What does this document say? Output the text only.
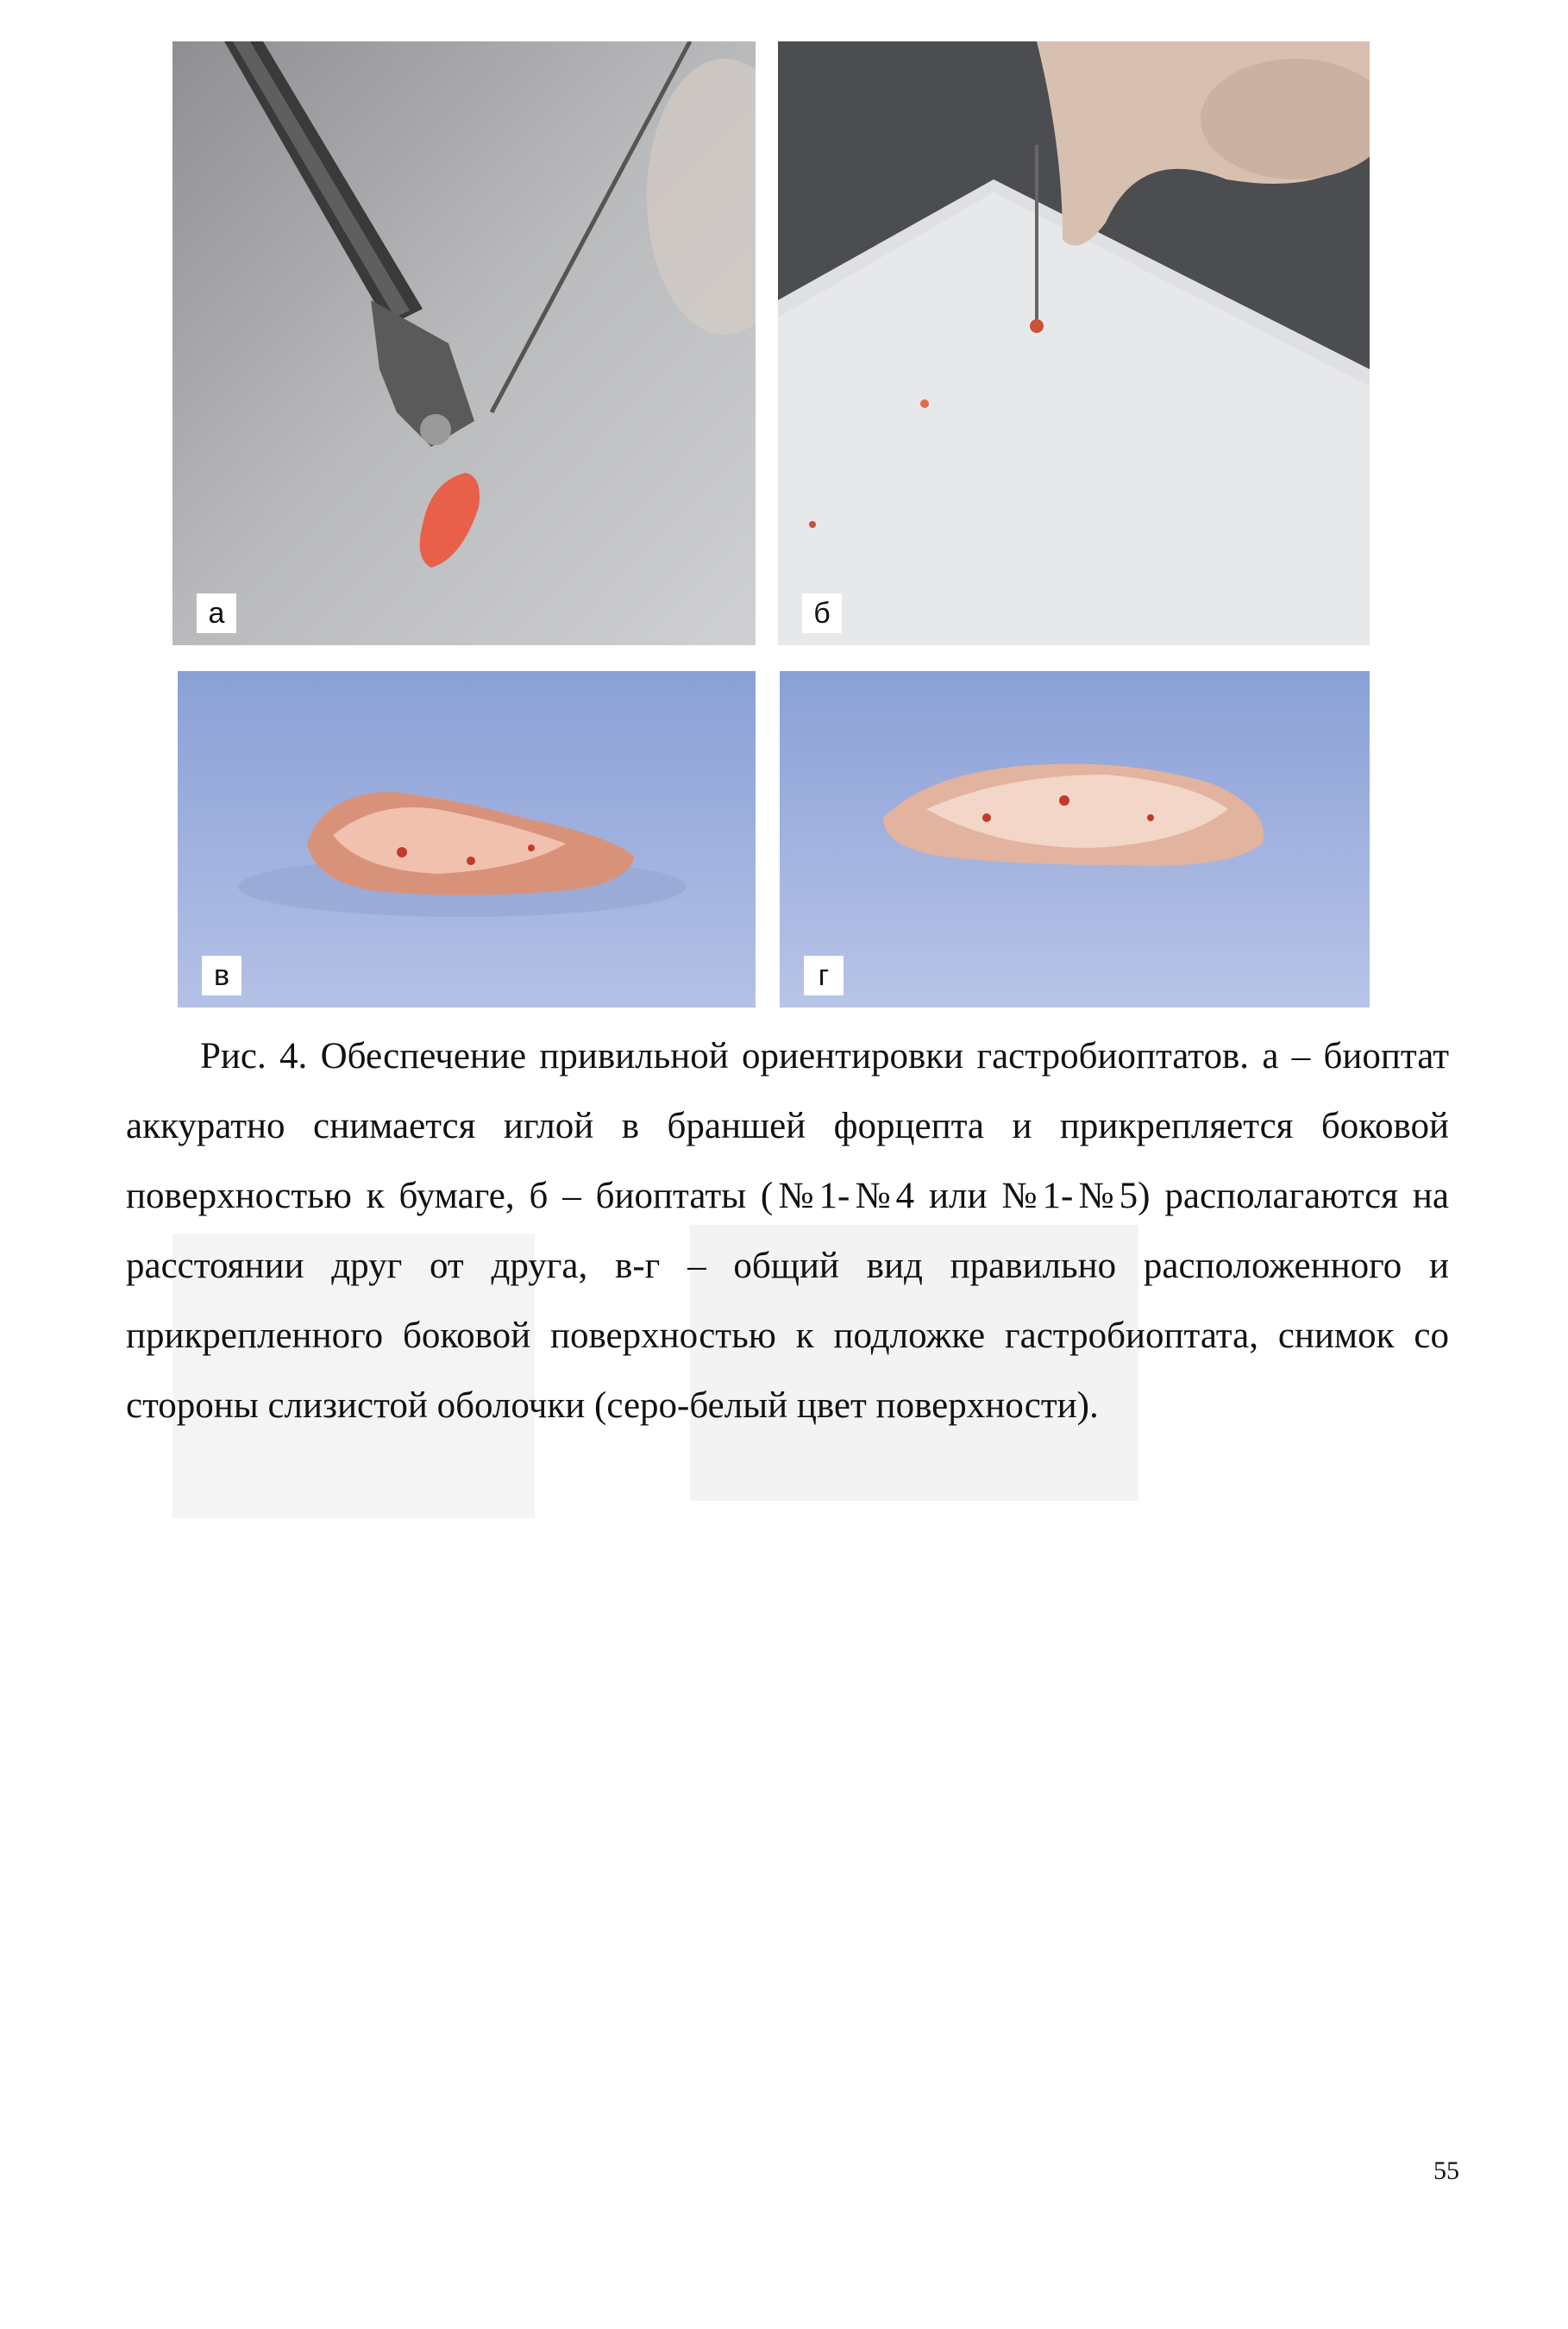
а	б
в	г

Рис. 4. Обеспечение привильной ориентировки гастробиоптатов. а – биоптат аккуратно снимается иглой в браншей форцепта и прикрепляется боковой поверхностью к бумаге, б – биоптаты (№1-№4 или №1-№5) располагаются на расстоянии друг от друга, в-г – общий вид правильно расположенного и прикрепленного боковой поверхностью к подложке гастробиоптата, снимок со стороны слизистой оболочки (серо-белый цвет поверхности).

55
